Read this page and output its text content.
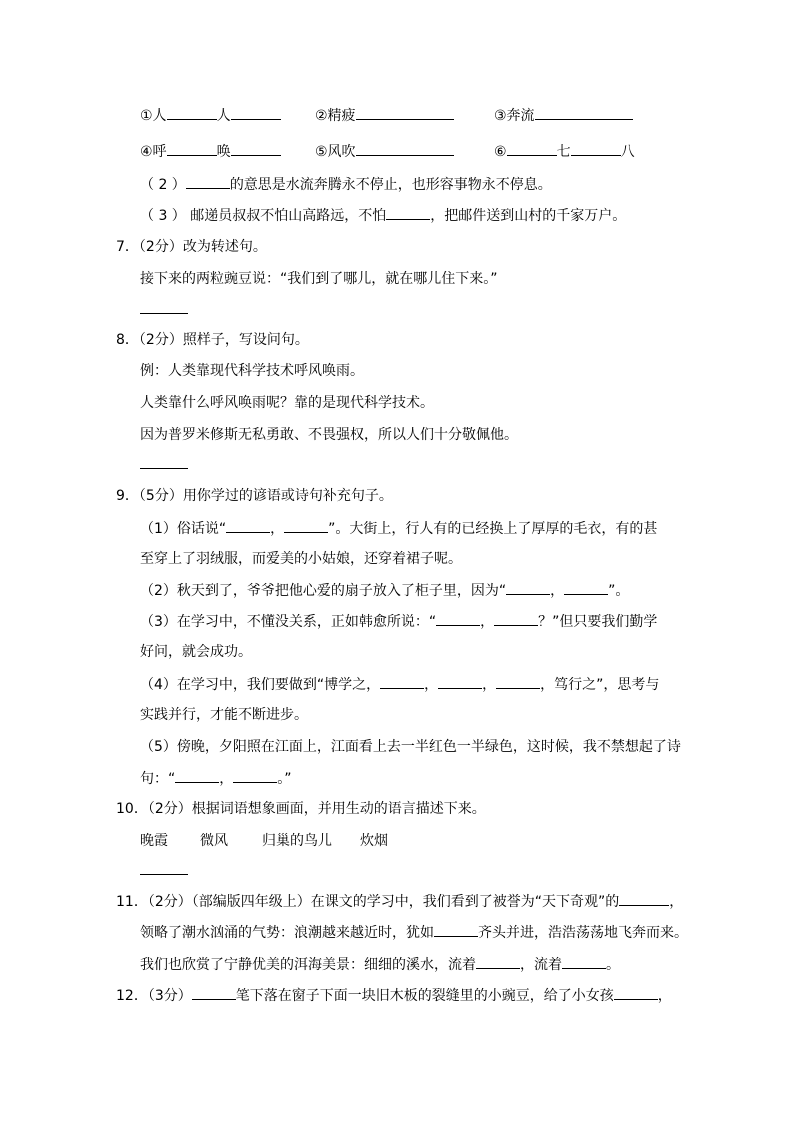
①人	人	②精疲	③奔流
④呼	唤	⑤风吹	⑥	七	八
（ 2 ）	的意思是水流奔腾永不停止，也形容事物永不停息。
（ 3 ） 邮递员叔叔不怕山高路远，不怕	，把邮件送到山村的千家万户。
7．（2分）改为转述句。
接下来的两粒豌豆说：“我们到了哪儿，就在哪儿住下来。”
8．（2分）照样子，写设问句。
例：人类靠现代科学技术呼风唤雨。
人类靠什么呼风唤雨呢？靠的是现代科学技术。
因为普罗米修斯无私勇敢、不畏强权，所以人们十分敬佩他。
9．（5分）用你学过的谚语或诗句补充句子。
（1）俗话说“	，	”。大街上，行人有的已经换上了厚厚的毛衣，有的甚
至穿上了羽绒服，而爱美的小姑娘，还穿着裙子呢。
（2）秋天到了，爷爷把他心爱的扇子放入了柜子里，因为“	，	”。
（3）在学习中，不懂没关系，正如韩愈所说：“	，	？”但只要我们勤学
好问，就会成功。
（4）在学习中，我们要做到“博学之，	，	，	，笃行之”，思考与
实践并行，才能不断进步。
（5）傍晚，夕阳照在江面上，江面看上去一半红色一半绿色，这时候，我不禁想起了诗
句：“	，	。”
10．（2分）根据词语想象画面，并用生动的语言描述下来。
晚霞 微风 归巢的鸟儿 炊烟
11．（2分）（部编版四年级上）在课文的学习中，我们看到了被誉为“天下奇观”的	，
领略了潮水汹涌的气势：浪潮越来越近时，犹如	齐头并进，浩浩荡荡地飞奔而来。
我们也欣赏了宁静优美的洱海美景：细细的溪水，流着	，流着	。
12．（3分）	笔下落在窗子下面一块旧木板的裂缝里的小豌豆，给了小女孩	，
